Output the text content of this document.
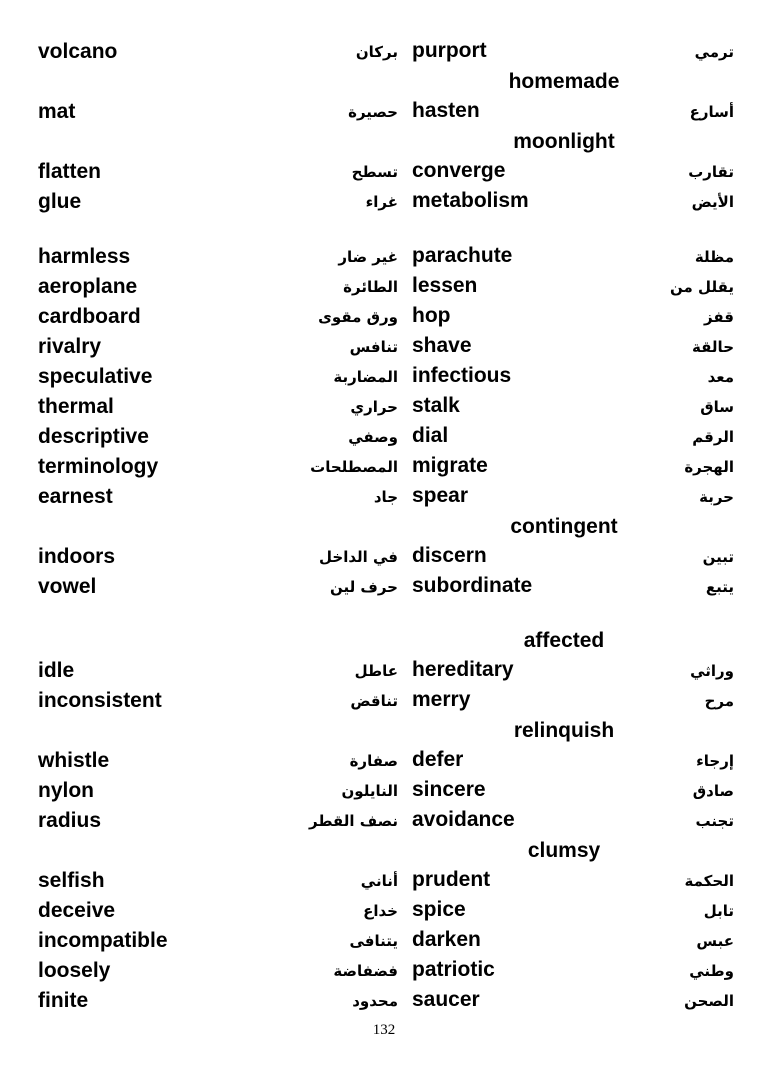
volcano	بركان purport	ترمي
homemade
mat	حصيرة hasten	أسارع
moonlight
flatten	تسطح converge	تقارب
glue	غراء metabolism	الأيض
harmless	غير ضار parachute	مظلة
aeroplane	الطائرة lessen	يقلل من
cardboard	ورق مقوى hop	قفز
rivalry	تنافس shave	حالقة
speculative	المضاربة infectious	معد
thermal	حراري stalk	ساق
descriptive	وصفي dial	الرقم
terminology	المصطلحات migrate	الهجرة
earnest	جاد spear	حربة
contingent
indoors	في الداخل discern	تبين
vowel	حرف لين subordinate	يتبع
affected
idle	عاطل hereditary	وراثي
inconsistent	تناقض merry	مرح
relinquish
whistle	صفارة defer	إرجاء
nylon	النايلون sincere	صادق
radius	نصف القطر avoidance	تجنب
clumsy
selfish	أناني prudent	الحكمة
deceive	خداع spice	تابل
incompatible	يتنافى darken	عبس
loosely	فضفاضة patriotic	وطني
finite	محدود saucer	الصحن
132
